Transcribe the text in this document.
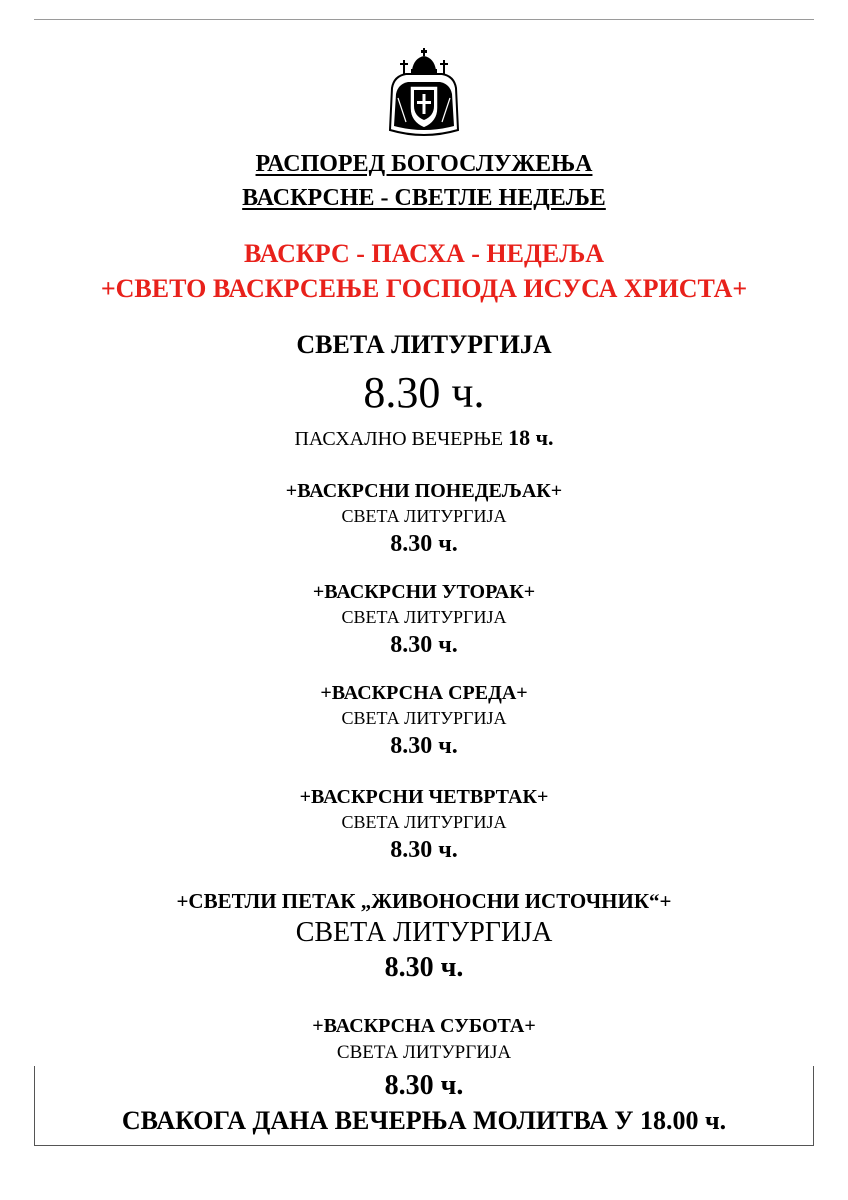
РАСПОРЕД БОГОСЛУЖЕЊА
ВАСКРСНЕ - СВЕТЛЕ НЕДЕЉЕ
ВАСКРС - ПАСХА - НЕДЕЉА
+СВЕТО ВАСКРСЕЊЕ ГОСПОДА ИСУСА ХРИСТА+
СВЕТА ЛИТУРГИЈА
8.30 ч.
ПАСХАЛНО ВЕЧЕРЊЕ 18 ч.
+ВАСКРСНИ ПОНЕДЕЉАК+
СВЕТА ЛИТУРГИЈА
8.30 ч.
+ВАСКРСНИ УТОРАК+
СВЕТА ЛИТУРГИЈА
8.30 ч.
+ВАСКРСНА СРЕДА+
СВЕТА ЛИТУРГИЈА
8.30 ч.
+ВАСКРСНИ ЧЕТВРТАК+
СВЕТА ЛИТУРГИЈА
8.30 ч.
+СВЕТЛИ ПЕТАК „ЖИВОНОСНИ ИСТОЧНИК“+
СВЕТА ЛИТУРГИЈА
8.30 ч.
+ВАСКРСНА СУБОТА+
СВЕТА ЛИТУРГИЈА
8.30 ч.
СВАКОГА ДАНА ВЕЧЕРЊА МОЛИТВА У 18.00 ч.
